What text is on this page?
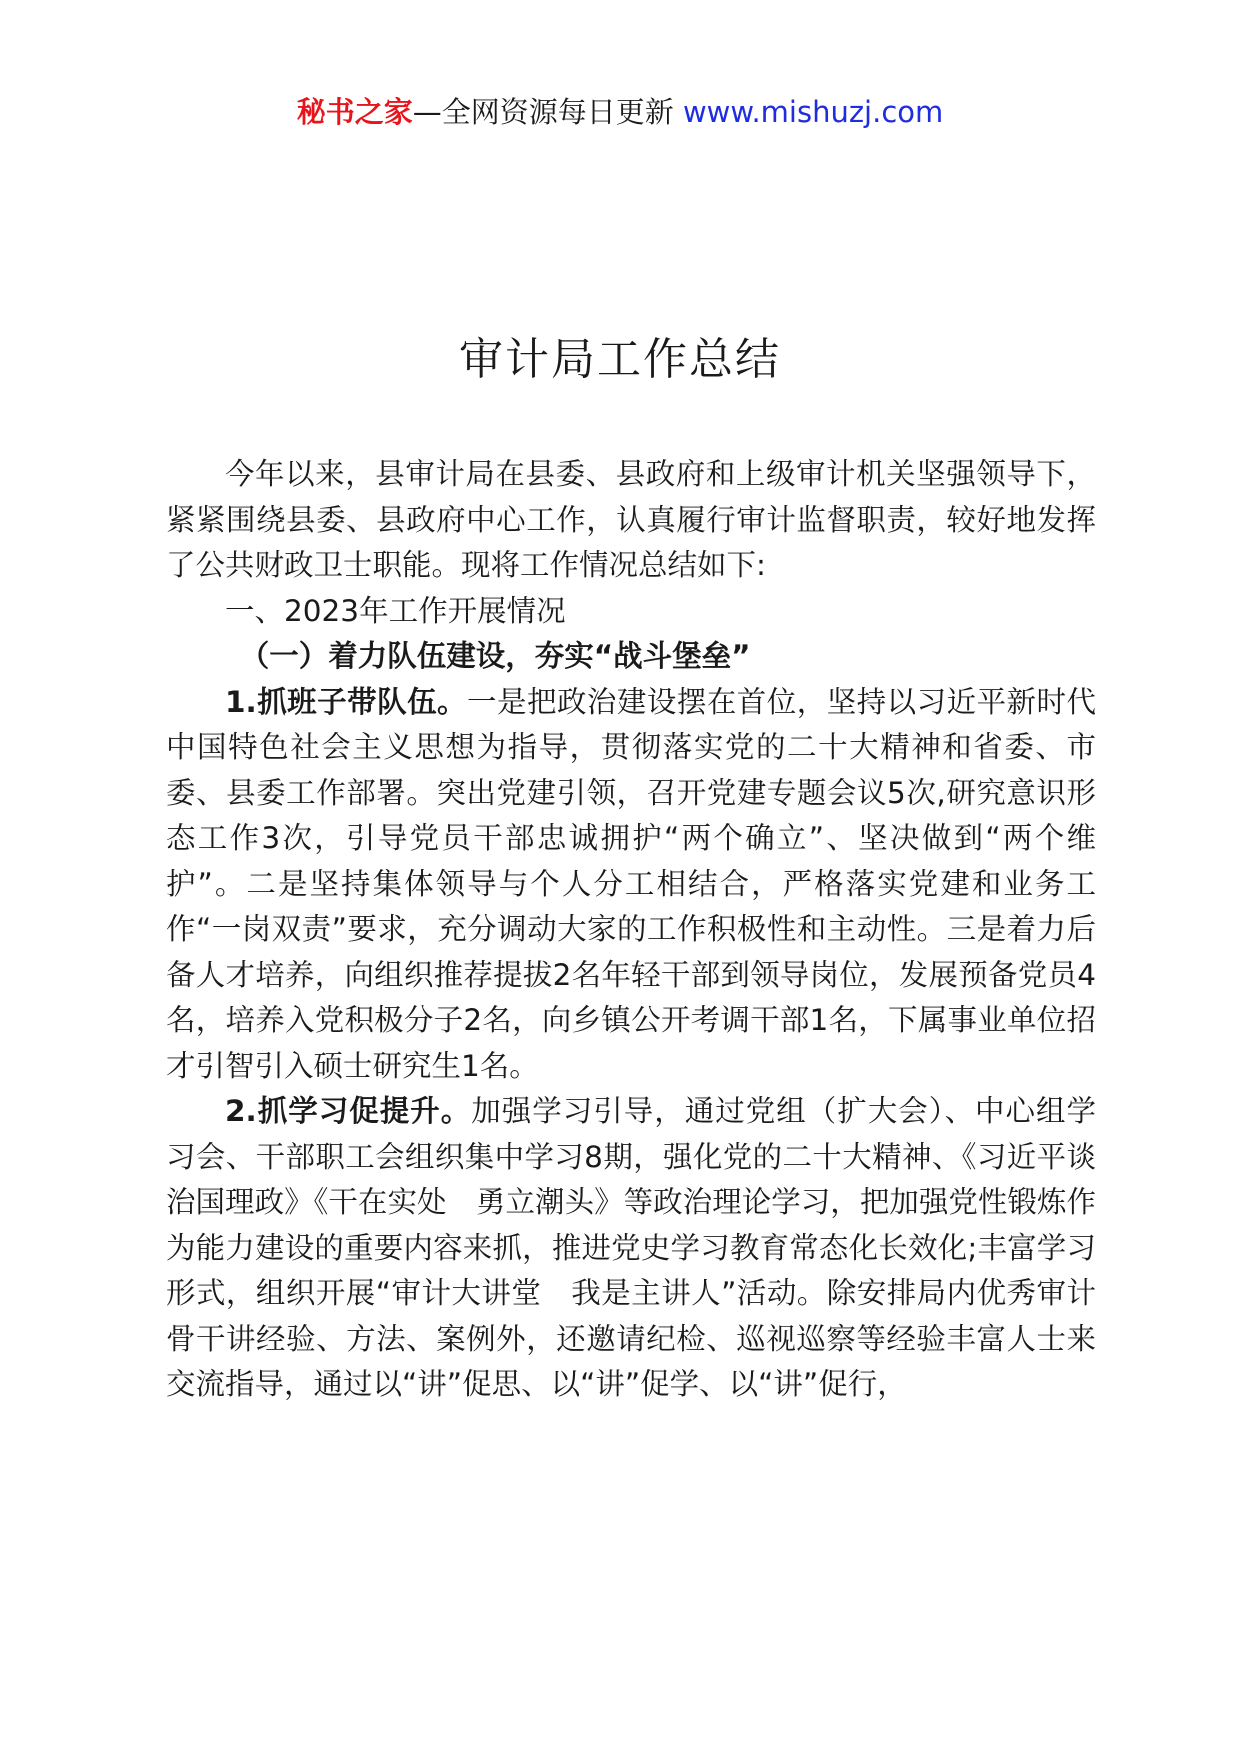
秘书之家—全网资源每日更新 www.mishuzj.com
审计局工作总结

今年以来，县审计局在县委、县政府和上级审计机关坚强领导下，紧紧围绕县委、县政府中心工作，认真履行审计监督职责，较好地发挥了公共财政卫士职能。现将工作情况总结如下:

一、2023年工作开展情况

（一）着力队伍建设，夯实“战斗堡垒”

1.抓班子带队伍。一是把政治建设摆在首位，坚持以习近平新时代中国特色社会主义思想为指导，贯彻落实党的二十大精神和省委、市委、县委工作部署。突出党建引领，召开党建专题会议5次,研究意识形态工作3次，引导党员干部忠诚拥护“两个确立”、坚决做到“两个维护”。二是坚持集体领导与个人分工相结合，严格落实党建和业务工作“一岗双责”要求，充分调动大家的工作积极性和主动性。三是着力后备人才培养，向组织推荐提拔2名年轻干部到领导岗位，发展预备党员4名，培养入党积极分子2名，向乡镇公开考调干部1名，下属事业单位招才引智引入硕士研究生1名。

2.抓学习促提升。加强学习引导，通过党组（扩大会）、中心组学习会、干部职工会组织集中学习8期，强化党的二十大精神、《习近平谈治国理政》《干在实处　勇立潮头》等政治理论学习，把加强党性锻炼作为能力建设的重要内容来抓，推进党史学习教育常态化长效化;丰富学习形式，组织开展“审计大讲堂　我是主讲人”活动。除安排局内优秀审计骨干讲经验、方法、案例外，还邀请纪检、巡视巡察等经验丰富人士来交流指导，通过以“讲”促思、以“讲”促学、以“讲”促行，
